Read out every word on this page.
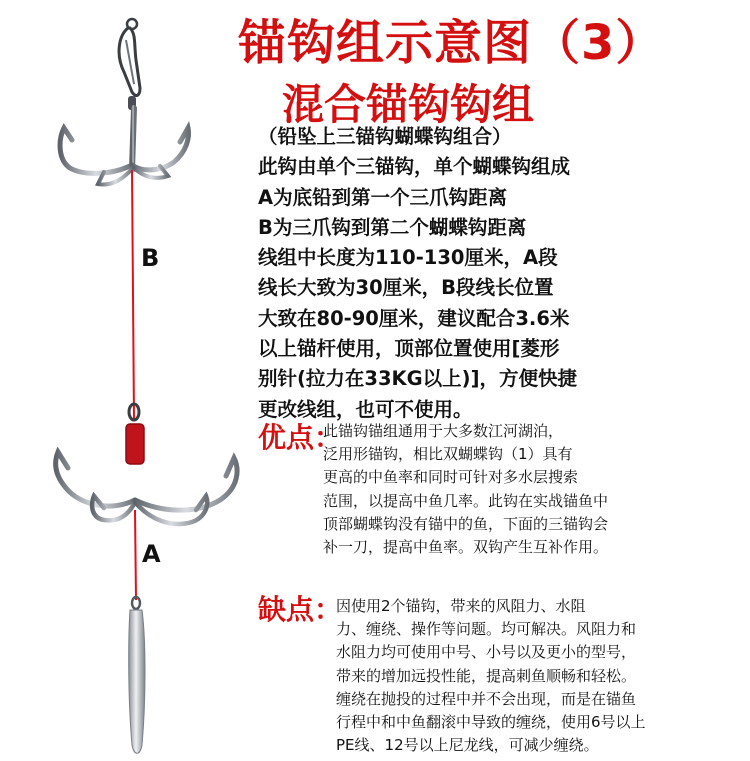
B
A
锚钩组示意图（3）
混合锚钩钩组
（铅坠上三锚钩蝴蝶钩组合）
此钩由单个三锚钩，单个蝴蝶钩组成
A为底铅到第一个三爪钩距离
B为三爪钩到第二个蝴蝶钩距离
线组中长度为110-130厘米，A段
线长大致为30厘米，B段线长位置
大致在80-90厘米，建议配合3.6米
以上锚杆使用，顶部位置使用[菱形
别针(拉力在33KG以上)]，方便快捷
更改线组，也可不使用。
优点：
此锚钩锚组通用于大多数江河湖泊，
泛用形锚钩，相比双蝴蝶钩（1）具有
更高的中鱼率和同时可针对多水层搜索
范围，以提高中鱼几率。此钩在实战锚鱼中
顶部蝴蝶钩没有锚中的鱼，下面的三锚钩会
补一刀，提高中鱼率。双钩产生互补作用。
缺点：
因使用2个锚钩，带来的风阻力、水阻
力、缠绕、操作等问题。均可解决。风阻力和
水阻力均可使用中号、小号以及更小的型号，
带来的增加远投性能，提高刺鱼顺畅和轻松。
缠绕在抛投的过程中并不会出现，而是在锚鱼
行程中和中鱼翻滚中导致的缠绕，使用6号以上
PE线、12号以上尼龙线，可减少缠绕。
